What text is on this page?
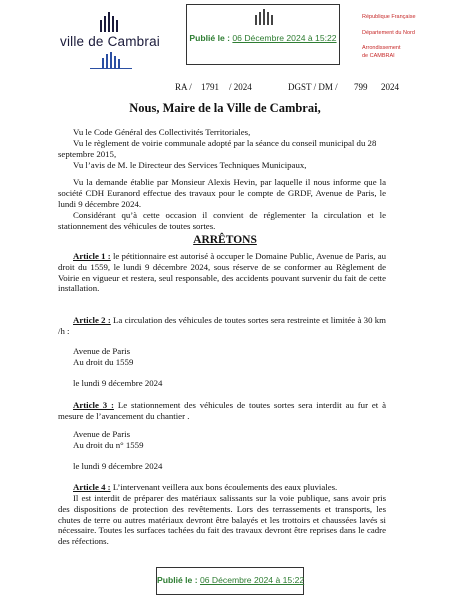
ville de Cambrai	Publié le : 06 Décembre 2024 à 15:22
République Française
Département du Nord
Arrondissement
de CAMBRAI
RA / 1791 / 2024	DGST / DM / 799 2024
Nous, Maire de la Ville de Cambrai,
Vu le Code Général des Collectivités Territoriales,
Vu le règlement de voirie communale adopté par la séance du conseil municipal du 28
septembre 2015,
Vu l’avis de M. le Directeur des Services Techniques Municipaux,
Vu la demande établie par Monsieur Alexis Hevin, par laquelle il nous informe que la société CDH Euranord effectue des travaux pour le compte de GRDF, Avenue de Paris, le lundi 9 décembre 2024.
Considérant qu’à cette occasion il convient de réglementer la circulation et le stationnement des véhicules de toutes sortes.
ARRÊTONS
Article 1 : le pétitionnaire est autorisé à occuper le Domaine Public, Avenue de Paris, au droit du 1559, le lundi 9 décembre 2024, sous réserve de se conformer au Règlement de Voirie en vigueur et restera, seul responsable, des accidents pouvant survenir du fait de cette installation.
Article 2 : La circulation des véhicules de toutes sortes sera restreinte et limitée à 30 km /h :
Avenue de Paris
Au droit du 1559
le lundi 9 décembre 2024
Article 3 : Le stationnement des véhicules de toutes sortes sera interdit au fur et à mesure de l’avancement du chantier .
Avenue de Paris
Au droit du n° 1559
le lundi 9 décembre 2024
Article 4 : L’intervenant veillera aux bons écoulements des eaux pluviales.
Il est interdit de préparer des matériaux salissants sur la voie publique, sans avoir pris des dispositions de protection des revêtements. Lors des terrassements et transports, les chutes de terre ou autres matériaux devront être balayés et les trottoirs et chaussées lavés si nécessaire. Toutes les surfaces tachées du fait des travaux devront être reprises dans le cadre des réfections.
Publié le : 06 Décembre 2024 à 15:22
